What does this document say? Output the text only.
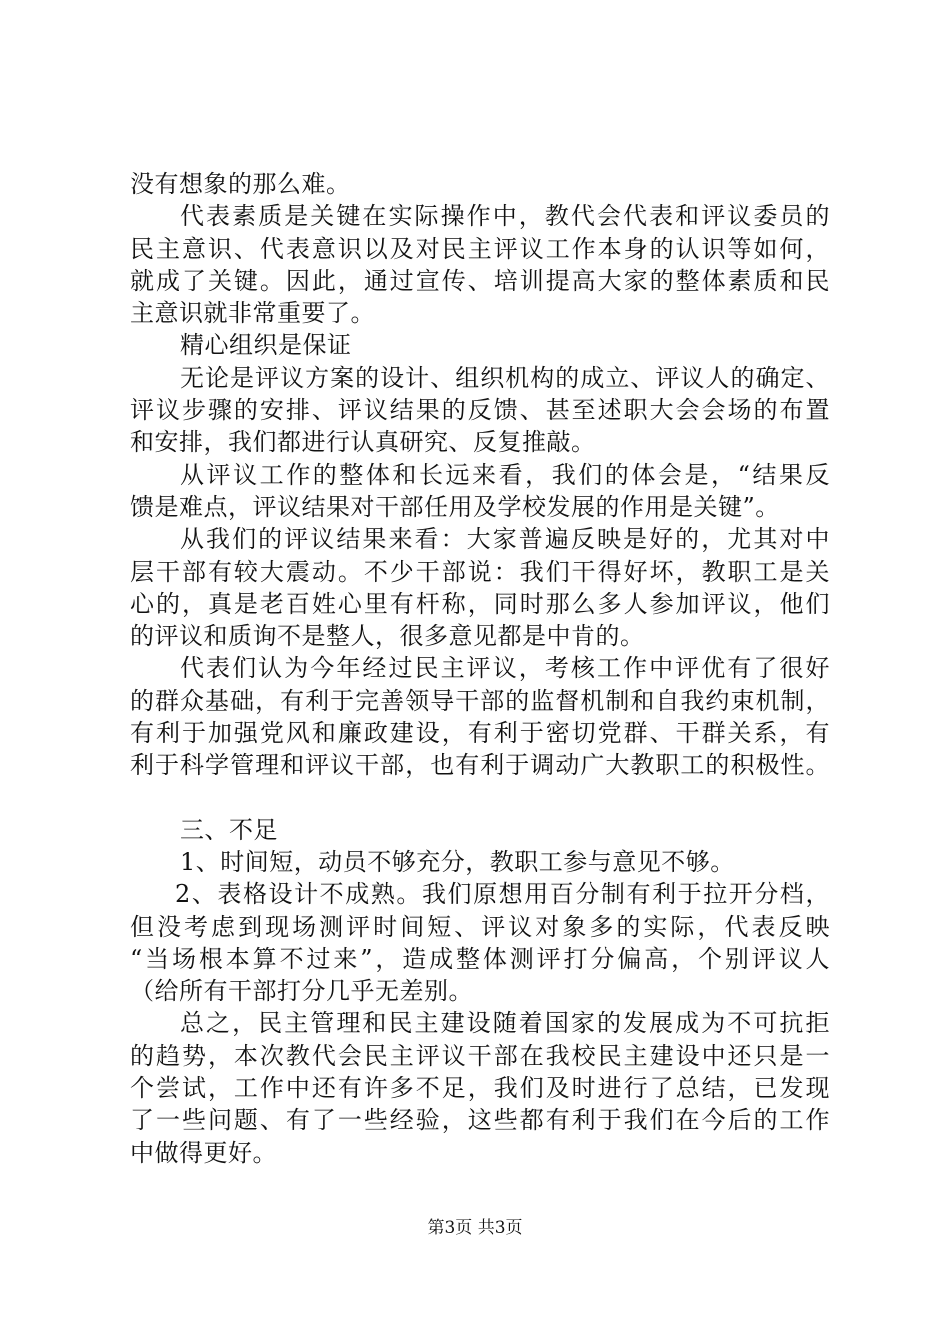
没有想象的那么难。
代表素质是关键在实际操作中，教代会代表和评议委员的
民主意识、代表意识以及对民主评议工作本身的认识等如何，
就成了关键。因此，通过宣传、培训提高大家的整体素质和民
主意识就非常重要了。
精心组织是保证
无论是评议方案的设计、组织机构的成立、评议人的确定、
评议步骤的安排、评议结果的反馈、甚至述职大会会场的布置
和安排，我们都进行认真研究、反复推敲。
从评议工作的整体和长远来看，我们的体会是，“结果反
馈是难点，评议结果对干部任用及学校发展的作用是关键”。
从我们的评议结果来看：大家普遍反映是好的，尤其对中
层干部有较大震动。不少干部说：我们干得好坏，教职工是关
心的，真是老百姓心里有杆称，同时那么多人参加评议，他们
的评议和质询不是整人，很多意见都是中肯的。
代表们认为今年经过民主评议，考核工作中评优有了很好
的群众基础，有利于完善领导干部的监督机制和自我约束机制，
有利于加强党风和廉政建设，有利于密切党群、干群关系，有
利于科学管理和评议干部，也有利于调动广大教职工的积极性。
三、不足
1、时间短，动员不够充分，教职工参与意见不够。
2、表格设计不成熟。我们原想用百分制有利于拉开分档，
但没考虑到现场测评时间短、评议对象多的实际，代表反映
“当场根本算不过来”，造成整体测评打分偏高，个别评议人
（给所有干部打分几乎无差别。
总之，民主管理和民主建设随着国家的发展成为不可抗拒
的趋势，本次教代会民主评议干部在我校民主建设中还只是一
个尝试，工作中还有许多不足，我们及时进行了总结，已发现
了一些问题、有了一些经验，这些都有利于我们在今后的工作
中做得更好。
第3页 共3页
